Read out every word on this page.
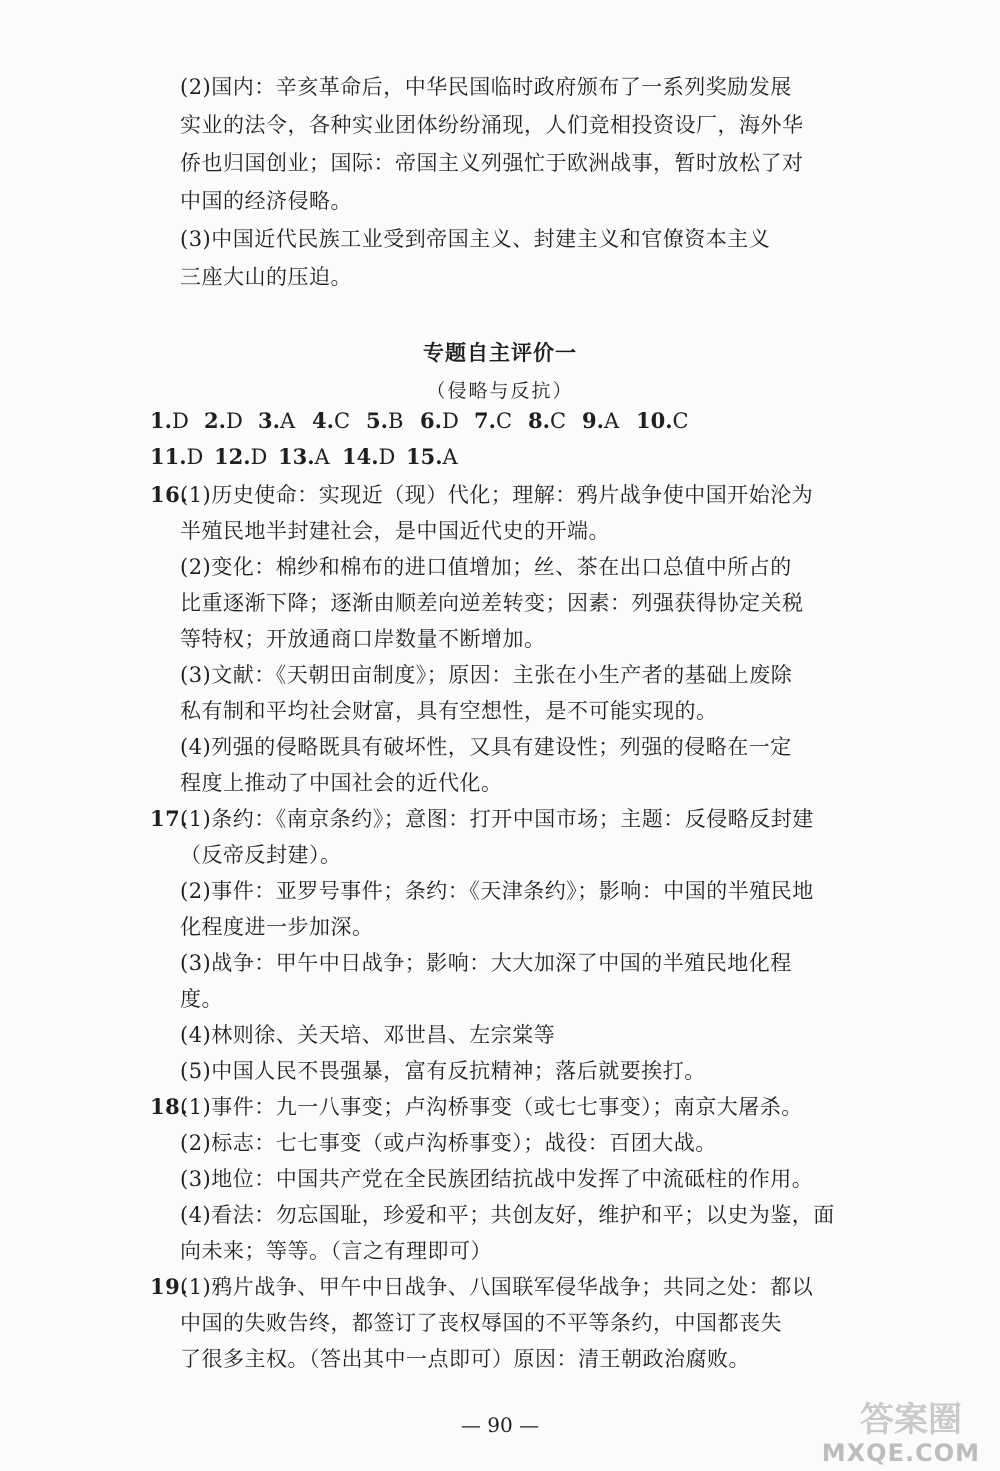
(2)国内：辛亥革命后，中华民国临时政府颁布了一系列奖励发展
实业的法令，各种实业团体纷纷涌现，人们竞相投资设厂，海外华
侨也归国创业；国际：帝国主义列强忙于欧洲战事，暂时放松了对
中国的经济侵略。
(3)中国近代民族工业受到帝国主义、封建主义和官僚资本主义
三座大山的压迫。
专题自主评价一
（侵略与反抗）
1.D 2.D 3.A 4.C 5.B 6.D 7.C 8.C 9.A 10.C
11.D 12.D 13.A 14.D 15.A
16.
(1)历史使命：实现近（现）代化；理解：鸦片战争使中国开始沦为
半殖民地半封建社会，是中国近代史的开端。
(2)变化：棉纱和棉布的进口值增加；丝、茶在出口总值中所占的
比重逐渐下降；逐渐由顺差向逆差转变；因素：列强获得协定关税
等特权；开放通商口岸数量不断增加。
(3)文献：《天朝田亩制度》；原因：主张在小生产者的基础上废除
私有制和平均社会财富，具有空想性，是不可能实现的。
(4)列强的侵略既具有破坏性，又具有建设性；列强的侵略在一定
程度上推动了中国社会的近代化。
17.
(1)条约：《南京条约》；意图：打开中国市场；主题：反侵略反封建
（反帝反封建）。
(2)事件：亚罗号事件；条约：《天津条约》；影响：中国的半殖民地
化程度进一步加深。
(3)战争：甲午中日战争；影响：大大加深了中国的半殖民地化程
度。
(4)林则徐、关天培、邓世昌、左宗棠等
(5)中国人民不畏强暴，富有反抗精神；落后就要挨打。
18.
(1)事件：九一八事变；卢沟桥事变（或七七事变）；南京大屠杀。
(2)标志：七七事变（或卢沟桥事变）；战役：百团大战。
(3)地位：中国共产党在全民族团结抗战中发挥了中流砥柱的作用。
(4)看法：勿忘国耻，珍爱和平；共创友好，维护和平；以史为鉴，面
向未来；等等。（言之有理即可）
19.
(1)鸦片战争、甲午中日战争、八国联军侵华战争；共同之处：都以
中国的失败告终，都签订了丧权辱国的不平等条约，中国都丧失
了很多主权。（答出其中一点即可）原因：清王朝政治腐败。
— 90 —	答案圈
MXQE.COM
